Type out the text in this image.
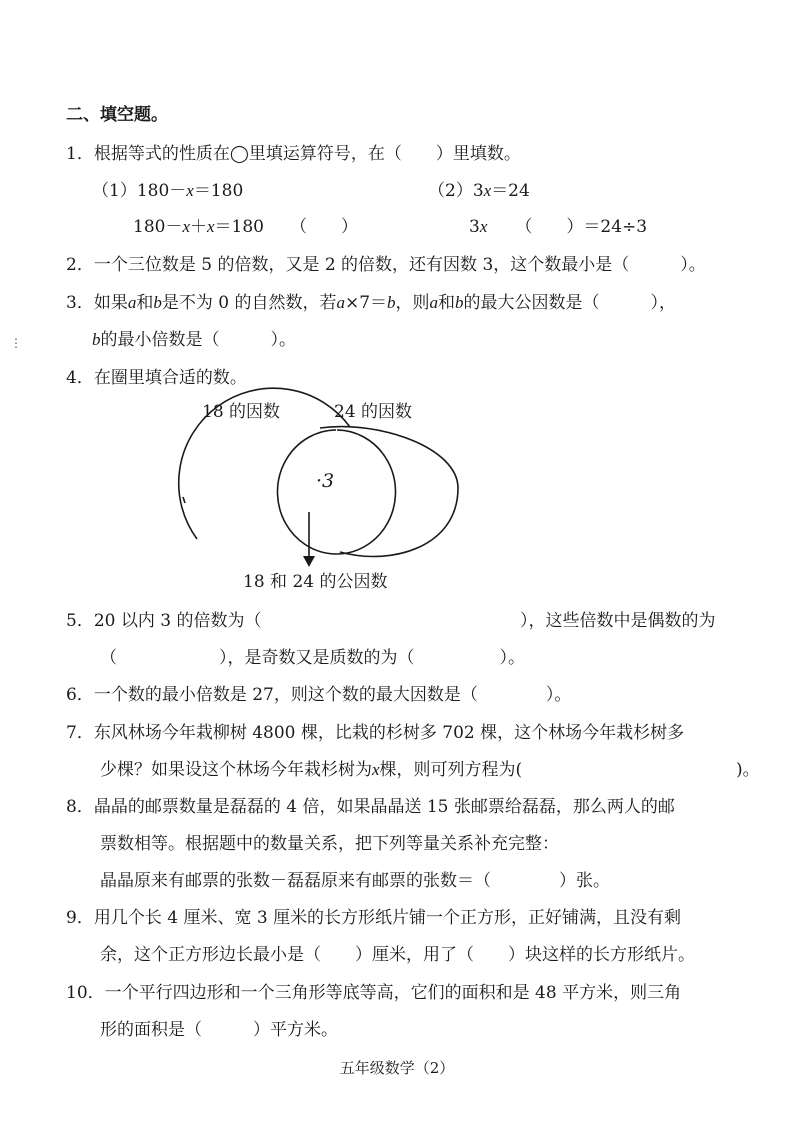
二、填空题。
1．根据等式的性质在◯里填运算符号，在（　　）里填数。
（1）180－x＝180
180－x＋x＝180 （　　）
（2）3x＝24
3x （　　）＝24÷3
2．一个三位数是 5 的倍数，又是 2 的倍数，还有因数 3，这个数最小是（　　　）。
3．如果a和b是不为 0 的自然数，若a×7＝b，则a和b的最大公因数是（　　　），
b的最小倍数是（　　　）。
⋮
4．在圈里填合适的数。
18 的因数	24 的因数
·3
18 和 24 的公因数
5．20 以内 3 的倍数为（	），这些倍数中是偶数的为
（　　　　　　），是奇数又是质数的为（　　　　　）。
6．一个数的最小倍数是 27，则这个数的最大因数是（　　　　）。
7．东风林场今年栽柳树 4800 棵，比栽的杉树多 702 棵，这个林场今年栽杉树多
少棵？如果设这个林场今年栽杉树为x棵，则可列方程为(	)。
8．晶晶的邮票数量是磊磊的 4 倍，如果晶晶送 15 张邮票给磊磊，那么两人的邮
票数相等。根据题中的数量关系，把下列等量关系补充完整：
晶晶原来有邮票的张数－磊磊原来有邮票的张数＝（　　　　）张。
9．用几个长 4 厘米、宽 3 厘米的长方形纸片铺一个正方形，正好铺满，且没有剩
余，这个正方形边长最小是（　　）厘米，用了（　　）块这样的长方形纸片。
10．一个平行四边形和一个三角形等底等高，它们的面积和是 48 平方米，则三角
形的面积是（　　　）平方米。
五年级数学（2）
